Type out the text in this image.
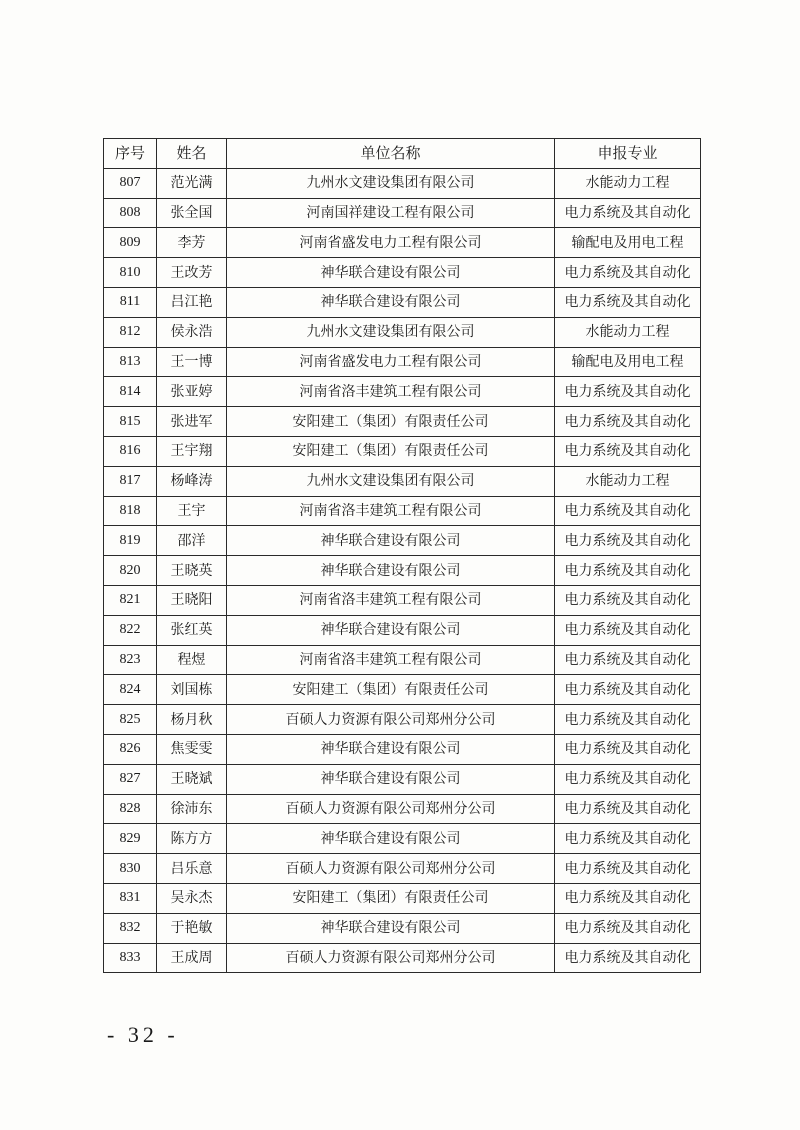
序号	姓名	单位名称	申报专业
807	范光满	九州水文建设集团有限公司	水能动力工程
808	张全国	河南国祥建设工程有限公司	电力系统及其自动化
809	李芳	河南省盛发电力工程有限公司	输配电及用电工程
810	王改芳	神华联合建设有限公司	电力系统及其自动化
811	吕江艳	神华联合建设有限公司	电力系统及其自动化
812	侯永浩	九州水文建设集团有限公司	水能动力工程
813	王一博	河南省盛发电力工程有限公司	输配电及用电工程
814	张亚婷	河南省洛丰建筑工程有限公司	电力系统及其自动化
815	张进军	安阳建工（集团）有限责任公司	电力系统及其自动化
816	王宇翔	安阳建工（集团）有限责任公司	电力系统及其自动化
817	杨峰涛	九州水文建设集团有限公司	水能动力工程
818	王宇	河南省洛丰建筑工程有限公司	电力系统及其自动化
819	邵洋	神华联合建设有限公司	电力系统及其自动化
820	王晓英	神华联合建设有限公司	电力系统及其自动化
821	王晓阳	河南省洛丰建筑工程有限公司	电力系统及其自动化
822	张红英	神华联合建设有限公司	电力系统及其自动化
823	程煜	河南省洛丰建筑工程有限公司	电力系统及其自动化
824	刘国栋	安阳建工（集团）有限责任公司	电力系统及其自动化
825	杨月秋	百硕人力资源有限公司郑州分公司	电力系统及其自动化
826	焦雯雯	神华联合建设有限公司	电力系统及其自动化
827	王晓斌	神华联合建设有限公司	电力系统及其自动化
828	徐沛东	百硕人力资源有限公司郑州分公司	电力系统及其自动化
829	陈方方	神华联合建设有限公司	电力系统及其自动化
830	吕乐意	百硕人力资源有限公司郑州分公司	电力系统及其自动化
831	吴永杰	安阳建工（集团）有限责任公司	电力系统及其自动化
832	于艳敏	神华联合建设有限公司	电力系统及其自动化
833	王成周	百硕人力资源有限公司郑州分公司	电力系统及其自动化
- 32 -
